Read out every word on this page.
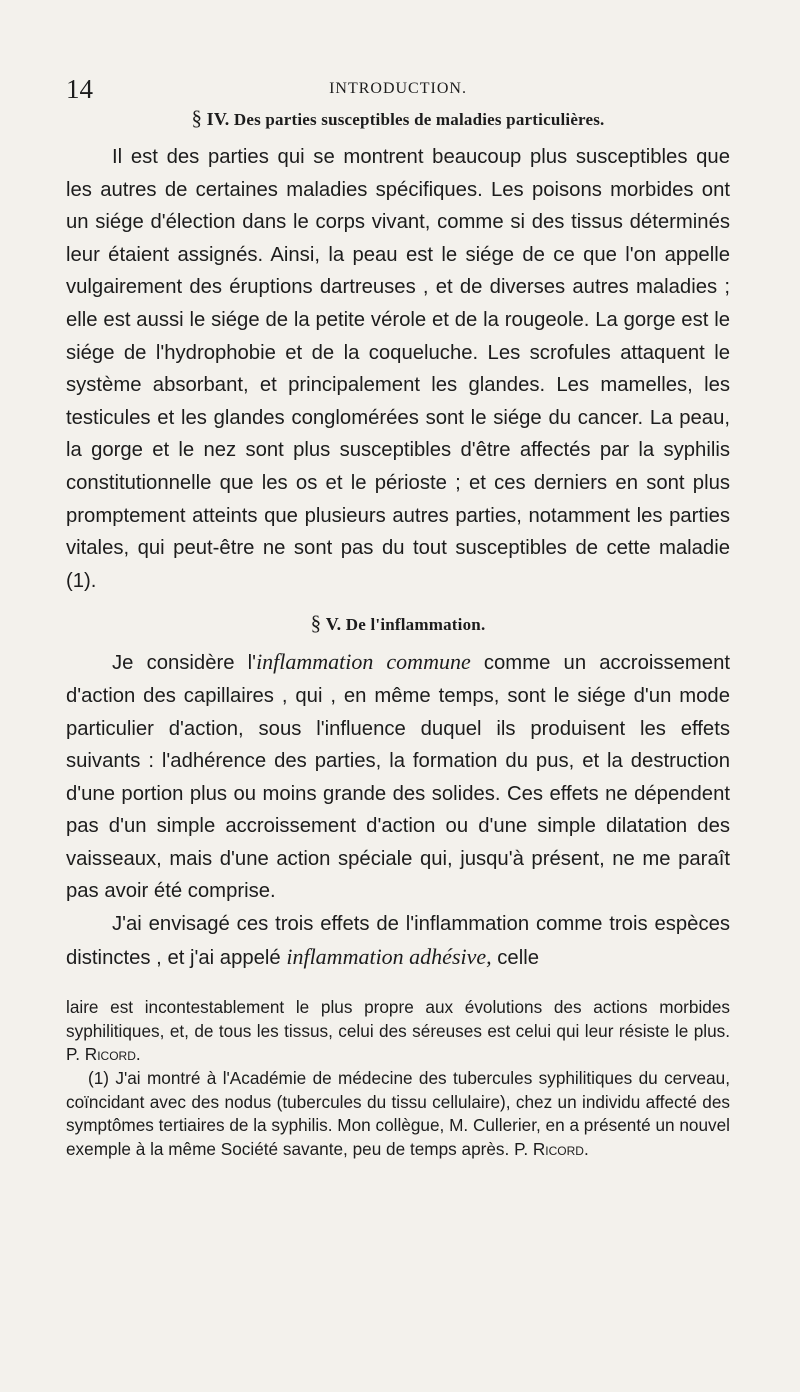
14	INTRODUCTION.
§ IV. Des parties susceptibles de maladies particulières.

Il est des parties qui se montrent beaucoup plus susceptibles que les autres de certaines maladies spécifiques. Les poisons morbides ont un siége d'élection dans le corps vivant, comme si des tissus déterminés leur étaient assignés. Ainsi, la peau est le siége de ce que l'on appelle vulgairement des éruptions dartreuses , et de diverses autres maladies ; elle est aussi le siége de la petite vérole et de la rougeole. La gorge est le siége de l'hydrophobie et de la coqueluche. Les scrofules attaquent le système absorbant, et principalement les glandes. Les mamelles, les testicules et les glandes conglomérées sont le siége du cancer. La peau, la gorge et le nez sont plus susceptibles d'être affectés par la syphilis constitutionnelle que les os et le périoste ; et ces derniers en sont plus promptement atteints que plusieurs autres parties, notamment les parties vitales, qui peut-être ne sont pas du tout susceptibles de cette maladie (1).

§ V. De l'inflammation.

Je considère l'inflammation commune comme un accroissement d'action des capillaires , qui , en même temps, sont le siége d'un mode particulier d'action, sous l'influence duquel ils produisent les effets suivants : l'adhérence des parties, la formation du pus, et la destruction d'une portion plus ou moins grande des solides. Ces effets ne dépendent pas d'un simple accroissement d'action ou d'une simple dilatation des vaisseaux, mais d'une action spéciale qui, jusqu'à présent, ne me paraît pas avoir été comprise.

J'ai envisagé ces trois effets de l'inflammation comme trois espèces distinctes , et j'ai appelé inflammation adhésive, celle

laire est incontestablement le plus propre aux évolutions des actions morbides syphilitiques, et, de tous les tissus, celui des séreuses est celui qui leur résiste le plus. P. Ricord.

(1) J'ai montré à l'Académie de médecine des tubercules syphilitiques du cerveau, coïncidant avec des nodus (tubercules du tissu cellulaire), chez un individu affecté des symptômes tertiaires de la syphilis. Mon collègue, M. Cullerier, en a présenté un nouvel exemple à la même Société savante, peu de temps après. P. Ricord.
